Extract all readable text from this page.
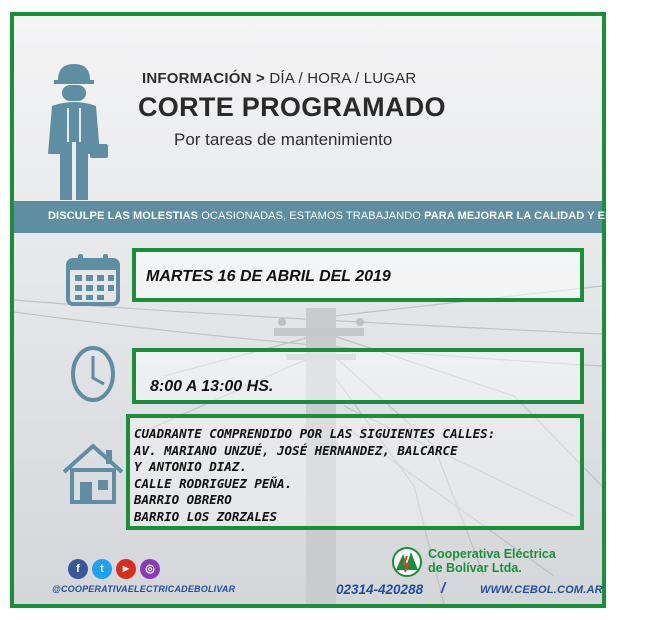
INFORMACIÓN > DÍA / HORA / LUGAR
CORTE PROGRAMADO
Por tareas de mantenimiento
DISCULPE LAS MOLESTIAS OCASIONADAS, ESTAMOS TRABAJANDO PARA MEJORAR LA CALIDAD Y EL SERVICIO.
MARTES 16 DE ABRIL DEL 2019
8:00 A 13:00 HS.
CUADRANTE COMPRENDIDO POR LAS SIGUIENTES CALLES:
AV. MARIANO UNZUÉ, JOSÉ HERNANDEZ, BALCARCE
Y ANTONIO DIAZ.
CALLE RODRIGUEZ PEÑA.
BARRIO OBRERO
BARRIO LOS ZORZALES
f	t	▶	◎
@COOPERATIVAELECTRICADEBOLIVAR
Cooperativa Eléctrica
de Bolívar Ltda.
02314-420288 /	WWW.CEBOL.COM.AR
